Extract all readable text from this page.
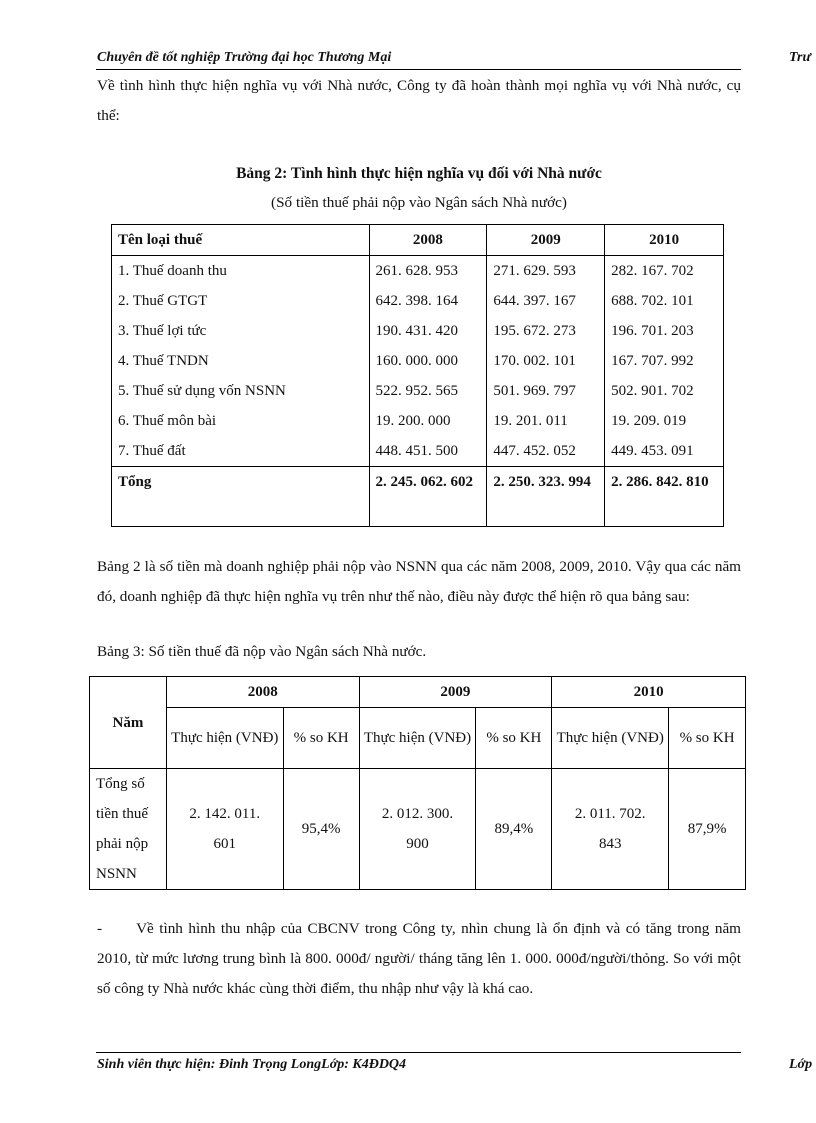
Chuyên đề tốt nghiệp Trường đại học Thương Mại	Trư
Về tình hình thực hiện nghĩa vụ với Nhà nước, Công ty đã hoàn thành mọi nghĩa vụ với Nhà nước, cụ thể:
Bảng 2: Tình hình thực hiện nghĩa vụ đối với Nhà nước
(Số tiền thuế phải nộp vào Ngân sách Nhà nước)
Tên loại thuế	2008	2009	2010
1. Thuế doanh thu	261. 628. 953	271. 629. 593	282. 167. 702
2. Thuế GTGT	642. 398. 164	644. 397. 167	688. 702. 101
3. Thuế lợi tức	190. 431. 420	195. 672. 273	196. 701. 203
4. Thuế TNDN	160. 000. 000	170. 002. 101	167. 707. 992
5. Thuế sử dụng vốn NSNN	522. 952. 565	501. 969. 797	502. 901. 702
6. Thuế môn bài	19. 200. 000	19. 201. 011	19. 209. 019
7. Thuế đất	448. 451. 500	447. 452. 052	449. 453. 091
Tổng	2. 245. 062. 602	2. 250. 323. 994	2. 286. 842. 810
Bảng 2 là số tiền mà doanh nghiệp phải nộp vào NSNN qua các năm 2008, 2009, 2010. Vậy qua các năm đó, doanh nghiệp đã thực hiện nghĩa vụ trên như thế nào, điều này được thể hiện rõ qua bảng sau:
Bảng 3: Số tiền thuế đã nộp vào Ngân sách Nhà nước.
Năm	2008		2009		2010	
	Thực hiện (VNĐ)	% so KH	Thực hiện (VNĐ)	% so KH	Thực hiện (VNĐ)	% so KH
Tổng số tiền thuế phải nộp NSNN	2. 142. 011. 601	95,4%	2. 012. 300. 900	89,4%	2. 011. 702. 843	87,9%
- Về tình hình thu nhập của CBCNV trong Công ty, nhìn chung là ổn định và có tăng trong năm 2010, từ mức lương trung bình là 800. 000đ/ người/ tháng tăng lên 1. 000. 000đ/người/thỏng. So với một số công ty Nhà nước khác cùng thời điểm, thu nhập như vậy là khá cao.
Sinh viên thực hiện: Đinh Trọng LongLớp: K4ĐDQ4	Lớp
